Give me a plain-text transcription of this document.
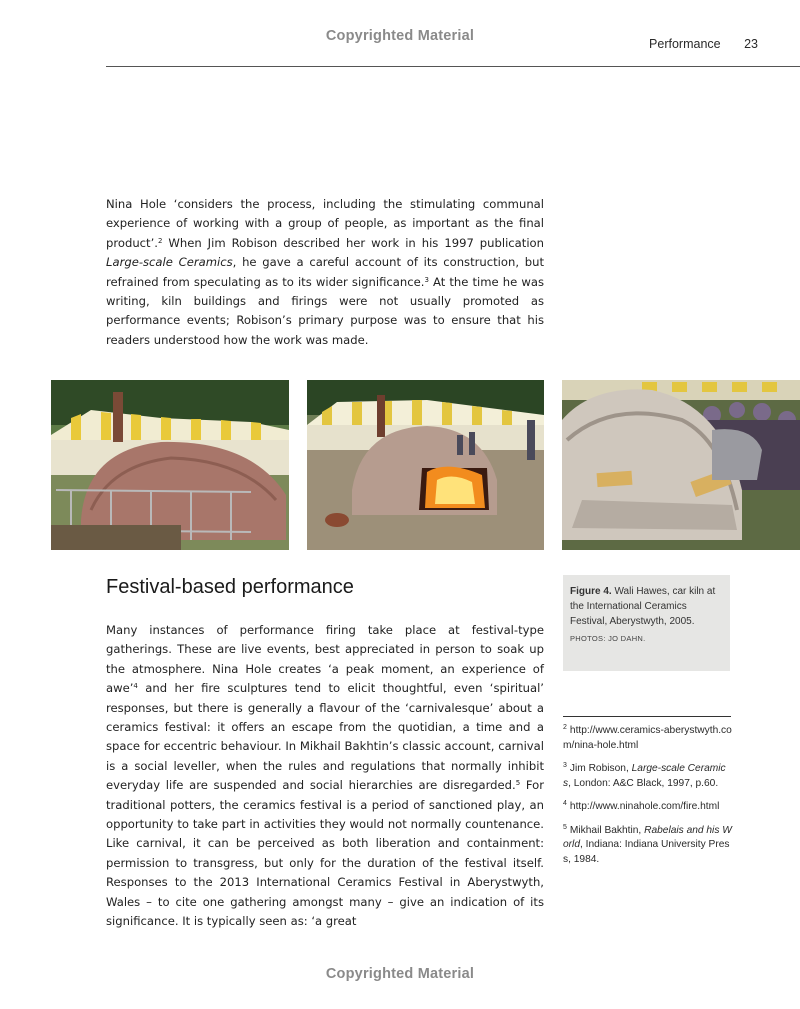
Copyrighted Material	Performance 23
Nina Hole ‘considers the process, including the stimulating communal experience of working with a group of people, as important as the final product’.$^2$ When Jim Robison described her work in his 1997 publication Large-scale Ceramics, he gave a careful account of its construction, but refrained from speculating as to its wider significance.$^3$ At the time he was writing, kiln buildings and firings were not usually promoted as performance events; Robison’s primary purpose was to ensure that his readers understood how the work was made.
Festival-based performance	Figure 4. Wali Hawes, car kiln at the International Ceramics Festival, Aberystwyth, 2005.
PHOTOS: JO DAHN.
Many instances of performance firing take place at festival-type gatherings. These are live events, best appreciated in person to soak up the atmosphere. Nina Hole creates ‘a peak moment, an experience of awe’$^4$ and her fire sculptures tend to elicit thoughtful, even ‘spiritual’ responses, but there is generally a flavour of the ‘carnivalesque’ about a ceramics festival: it offers an escape from the quotidian, a time and a space for eccentric behaviour. In Mikhail Bakhtin’s classic account, carnival is a social leveller, when the rules and regulations that normally inhibit everyday life are suspended and social hierarchies are disregarded.$^5$ For traditional potters, the ceramics festival is a period of sanctioned play, an opportunity to take part in activities they would not normally countenance. Like carnival, it can be perceived as both liberation and containment: permission to transgress, but only for the duration of the festival itself. Responses to the 2013 International Ceramics Festival in Aberystwyth, Wales – to cite one gathering amongst many – give an indication of its significance. It is typically seen as: ‘a great

$^2$ http://www.ceramics-aberystwyth.com/nina-hole.html

$^3$ Jim Robison, Large-scale Ceramics, London: A&C Black, 1997, p.60.

$^4$ http://www.ninahole.com/fire.html

$^5$ Mikhail Bakhtin, Rabelais and his World, Indiana: Indiana University Press, 1984.

Copyrighted Material
